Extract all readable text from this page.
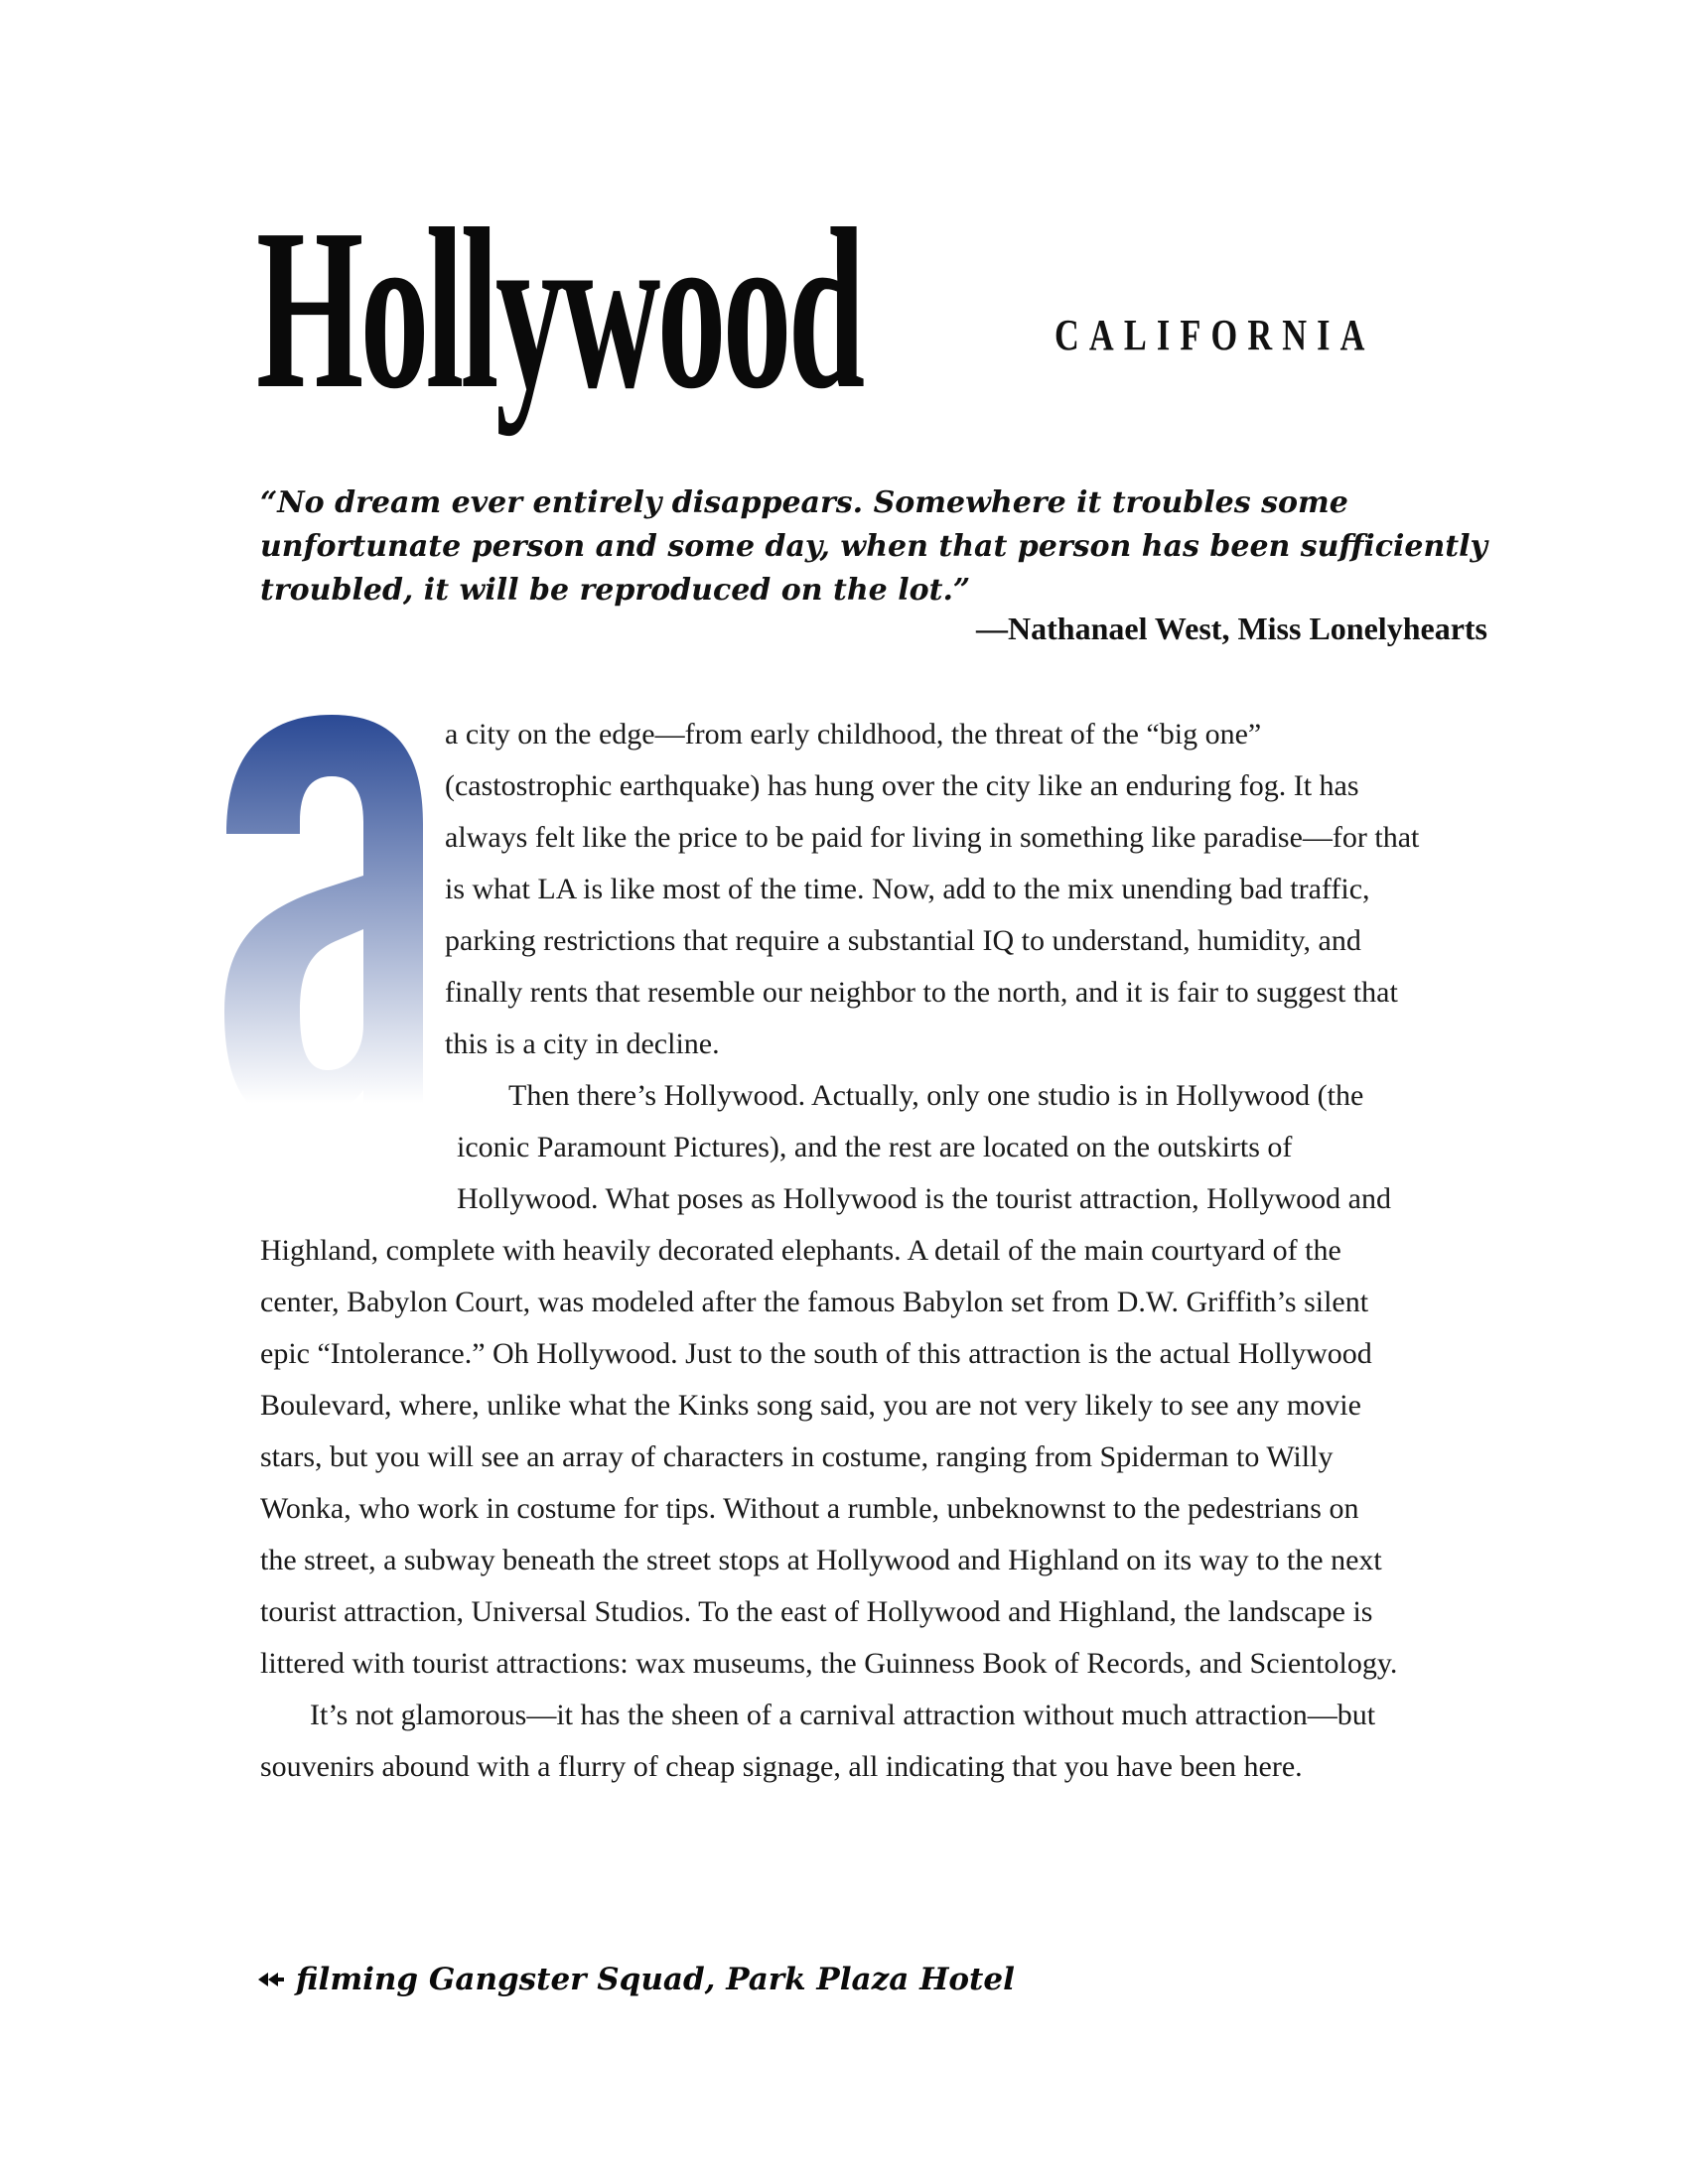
Hollywood	CALIFORNIA

“No dream ever entirely disappears. Somewhere it troubles some unfortunate person and some day, when that person has been sufficiently troubled, it will be reproduced on the lot.”

—Nathanael West, Miss Lonelyhearts
a city on the edge—from early childhood, the threat of the “big one”
(castostrophic earthquake) has hung over the city like an enduring fog. It has
always felt like the price to be paid for living in something like paradise—for that
is what LA is like most of the time. Now, add to the mix unending bad traffic,
parking restrictions that require a substantial IQ to understand, humidity, and
finally rents that resemble our neighbor to the north, and it is fair to suggest that
this is a city in decline.
Then there’s Hollywood. Actually, only one studio is in Hollywood (the
iconic Paramount Pictures), and the rest are located on the outskirts of
Hollywood. What poses as Hollywood is the tourist attraction, Hollywood and
Highland, complete with heavily decorated elephants. A detail of the main courtyard of the
center, Babylon Court, was modeled after the famous Babylon set from D.W. Griffith’s silent
epic “Intolerance.” Oh Hollywood. Just to the south of this attraction is the actual Hollywood
Boulevard, where, unlike what the Kinks song said, you are not very likely to see any movie
stars, but you will see an array of characters in costume, ranging from Spiderman to Willy
Wonka, who work in costume for tips. Without a rumble, unbeknownst to the pedestrians on
the street, a subway beneath the street stops at Hollywood and Highland on its way to the next
tourist attraction, Universal Studios. To the east of Hollywood and Highland, the landscape is
littered with tourist attractions: wax museums, the Guinness Book of Records, and Scientology.
It’s not glamorous—it has the sheen of a carnival attraction without much attraction—but
souvenirs abound with a flurry of cheap signage, all indicating that you have been here.
filming Gangster Squad, Park Plaza Hotel
